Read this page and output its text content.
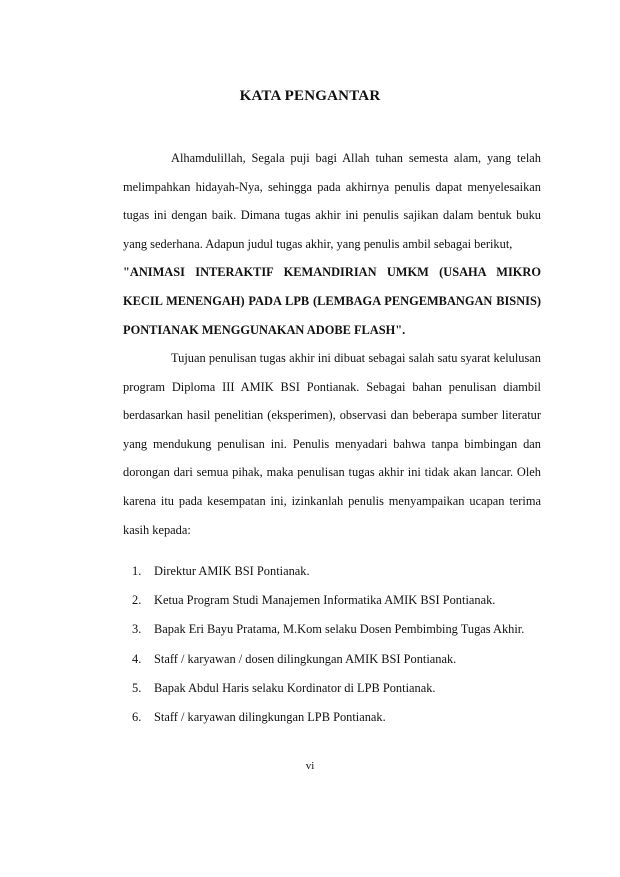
KATA PENGANTAR

Alhamdulillah, Segala puji bagi Allah tuhan semesta alam, yang telah melimpahkan hidayah-Nya, sehingga pada akhirnya penulis dapat menyelesaikan tugas ini dengan baik. Dimana tugas akhir ini penulis sajikan dalam bentuk buku yang sederhana. Adapun judul tugas akhir, yang penulis ambil sebagai berikut,

"ANIMASI INTERAKTIF KEMANDIRIAN UMKM (USAHA MIKRO KECIL MENENGAH) PADA LPB (LEMBAGA PENGEMBANGAN BISNIS) PONTIANAK MENGGUNAKAN ADOBE FLASH".

Tujuan penulisan tugas akhir ini dibuat sebagai salah satu syarat kelulusan program Diploma III AMIK BSI Pontianak. Sebagai bahan penulisan diambil berdasarkan hasil penelitian (eksperimen), observasi dan beberapa sumber literatur yang mendukung penulisan ini. Penulis menyadari bahwa tanpa bimbingan dan dorongan dari semua pihak, maka penulisan tugas akhir ini tidak akan lancar. Oleh karena itu pada kesempatan ini, izinkanlah penulis menyampaikan ucapan terima kasih kepada:

1. Direktur AMIK BSI Pontianak.
2. Ketua Program Studi Manajemen Informatika AMIK BSI Pontianak.
3. Bapak Eri Bayu Pratama, M.Kom selaku Dosen Pembimbing Tugas Akhir.
4. Staff / karyawan / dosen dilingkungan AMIK BSI Pontianak.
5. Bapak Abdul Haris selaku Kordinator di LPB Pontianak.
6. Staff / karyawan dilingkungan LPB Pontianak.
vi
